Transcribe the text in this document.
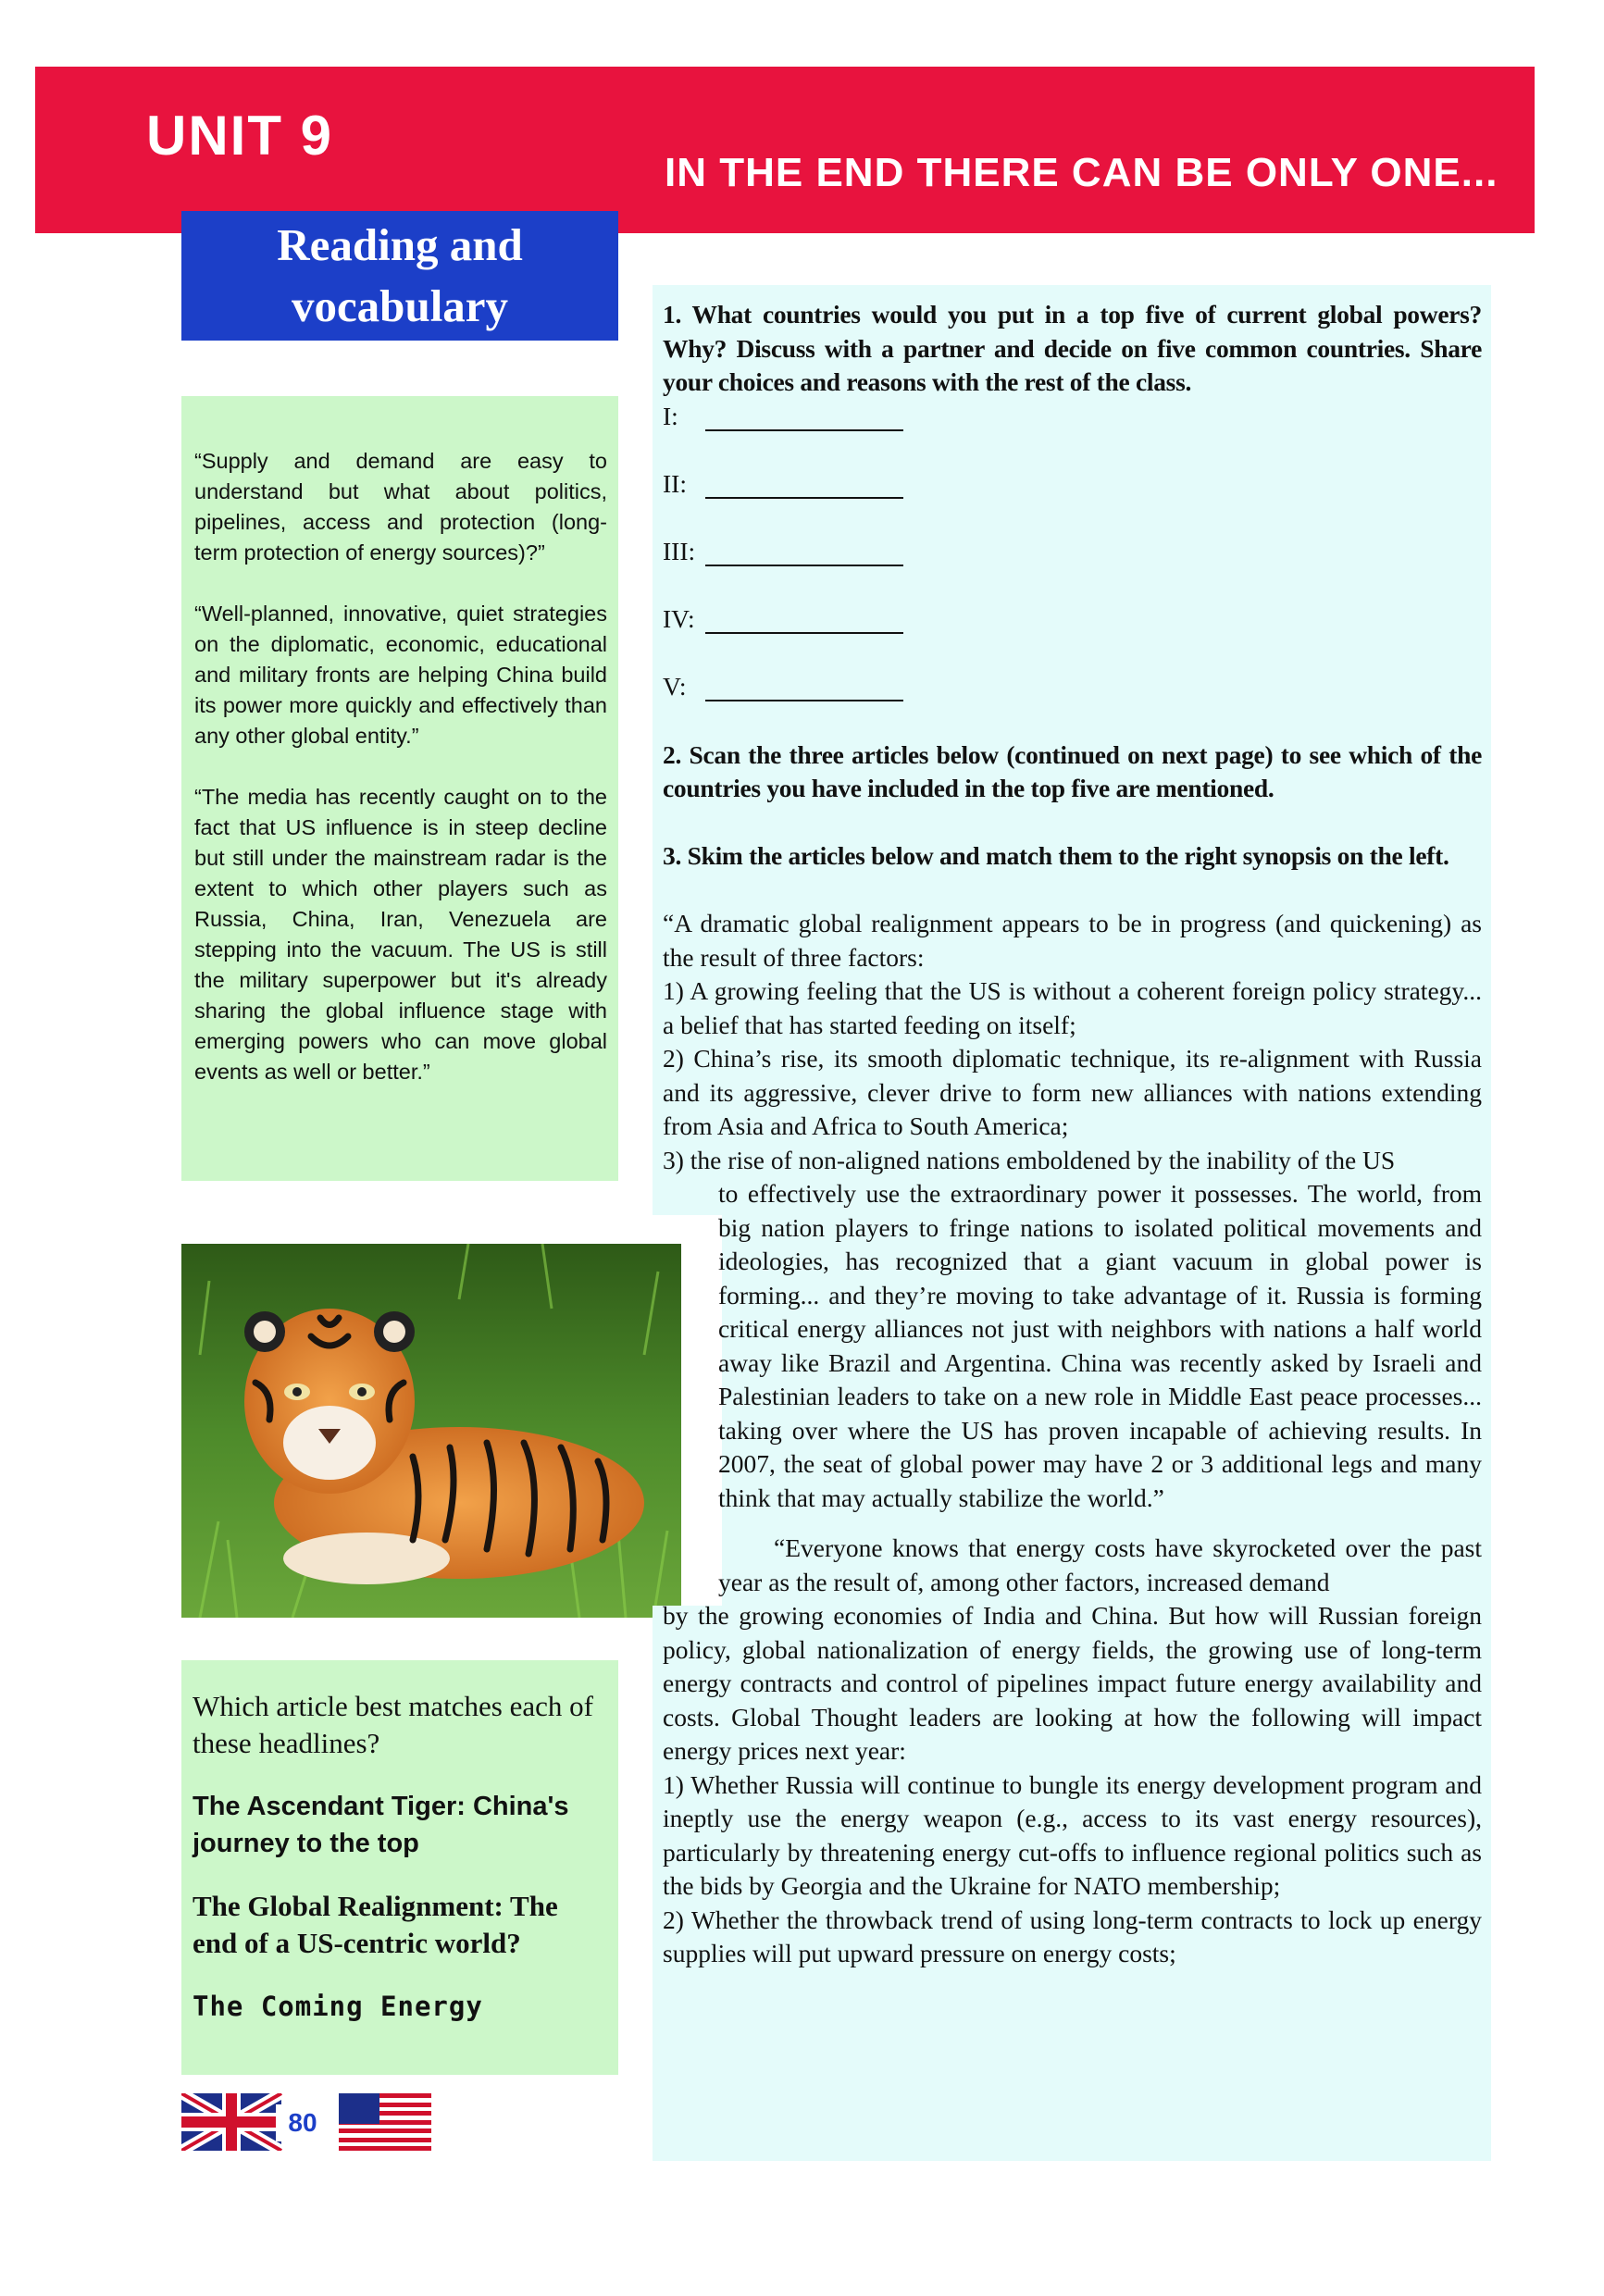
UNIT 9
IN THE END THERE CAN BE ONLY ONE...
Reading and
vocabulary

“Supply and demand are easy to understand but what about politics, pipelines, access and protection (long-term protection of energy sources)?”

“Well-planned, innovative, quiet strategies on the diplomatic, economic, educational and military fronts are helping China build its power more quickly and effectively than any other global entity.”

“The media has recently caught on to the fact that US influence is in steep decline but still under the mainstream radar is the extent to which other players such as Russia, China, Iran, Venezuela are stepping into the vacuum. The US is still the military superpower but it's already sharing the global influence stage with emerging powers who can move global events as well or better.”

Which article best matches each of these headlines?

The Ascendant Tiger: China's journey to the top

The Global Realignment: The end of a US-centric world?

The Coming Energy

80

1. What countries would you put in a top five of current global powers? Why? Discuss with a partner and decide on five common countries. Share your choices and reasons with the rest of the class.

I:
II:
III:
IV:
V:

2. Scan the three articles below (continued on next page) to see which of the countries you have included in the top five are mentioned.

3. Skim the articles below and match them to the right synopsis on the left.

“A dramatic global realignment appears to be in progress (and quickening) as the result of three factors:

1) A growing feeling that the US is without a coherent foreign policy strategy... a belief that has started feeding on itself;

2) China’s rise, its smooth diplomatic technique, its re-alignment with Russia and its aggressive, clever drive to form new alliances with nations extending from Asia and Africa to South America;

3) the rise of non-aligned nations emboldened by the inability of the US

to effectively use the extraordinary power it possesses. The world, from big nation players to fringe nations to isolated political movements and ideologies, has recognized that a giant vacuum in global power is forming... and they’re moving to take advantage of it. Russia is forming critical energy alliances not just with neighbors with nations a half world away like Brazil and Argentina. China was recently asked by Israeli and Palestinian leaders to take on a new role in Middle East peace processes... taking over where the US has proven incapable of achieving results. In 2007, the seat of global power may have 2 or 3 additional legs and many think that may actually stabilize the world.”

“Everyone knows that energy costs have skyrocketed over the past year as the result of, among other factors, increased demand

by the growing economies of India and China. But how will Russian foreign policy, global nationalization of energy fields, the growing use of long-term energy contracts and control of pipelines impact future energy availability and costs. Global Thought leaders are looking at how the following will impact energy prices next year:

1) Whether Russia will continue to bungle its energy development program and ineptly use the energy weapon (e.g., access to its vast energy resources), particularly by threatening energy cut-offs to influence regional politics such as the bids by Georgia and the Ukraine for NATO membership;

2) Whether the throwback trend of using long-term contracts to lock up energy supplies will put upward pressure on energy costs;
